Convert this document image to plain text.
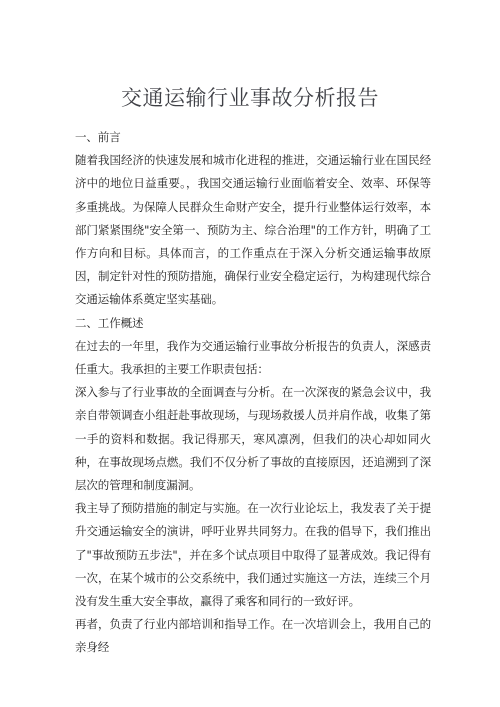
交通运输行业事故分析报告

一、前言

随着我国经济的快速发展和城市化进程的推进，交通运输行业在国民经济中的地位日益重要。，我国交通运输行业面临着安全、效率、环保等多重挑战。为保障人民群众生命财产安全，提升行业整体运行效率，本部门紧紧围绕"安全第一、预防为主、综合治理"的工作方针，明确了工作方向和目标。具体而言，的工作重点在于深入分析交通运输事故原因，制定针对性的预防措施，确保行业安全稳定运行，为构建现代综合交通运输体系奠定坚实基础。

二、工作概述

在过去的一年里，我作为交通运输行业事故分析报告的负责人，深感责任重大。我承担的主要工作职责包括：

深入参与了行业事故的全面调查与分析。在一次深夜的紧急会议中，我亲自带领调查小组赶赴事故现场，与现场救援人员并肩作战，收集了第一手的资料和数据。我记得那天，寒风凛冽，但我们的决心却如同火种，在事故现场点燃。我们不仅分析了事故的直接原因，还追溯到了深层次的管理和制度漏洞。

我主导了预防措施的制定与实施。在一次行业论坛上，我发表了关于提升交通运输安全的演讲，呼吁业界共同努力。在我的倡导下，我们推出了"事故预防五步法"，并在多个试点项目中取得了显著成效。我记得有一次，在某个城市的公交系统中，我们通过实施这一方法，连续三个月没有发生重大安全事故，赢得了乘客和同行的一致好评。

再者，负责了行业内部培训和指导工作。在一次培训会上，我用自己的亲身经
